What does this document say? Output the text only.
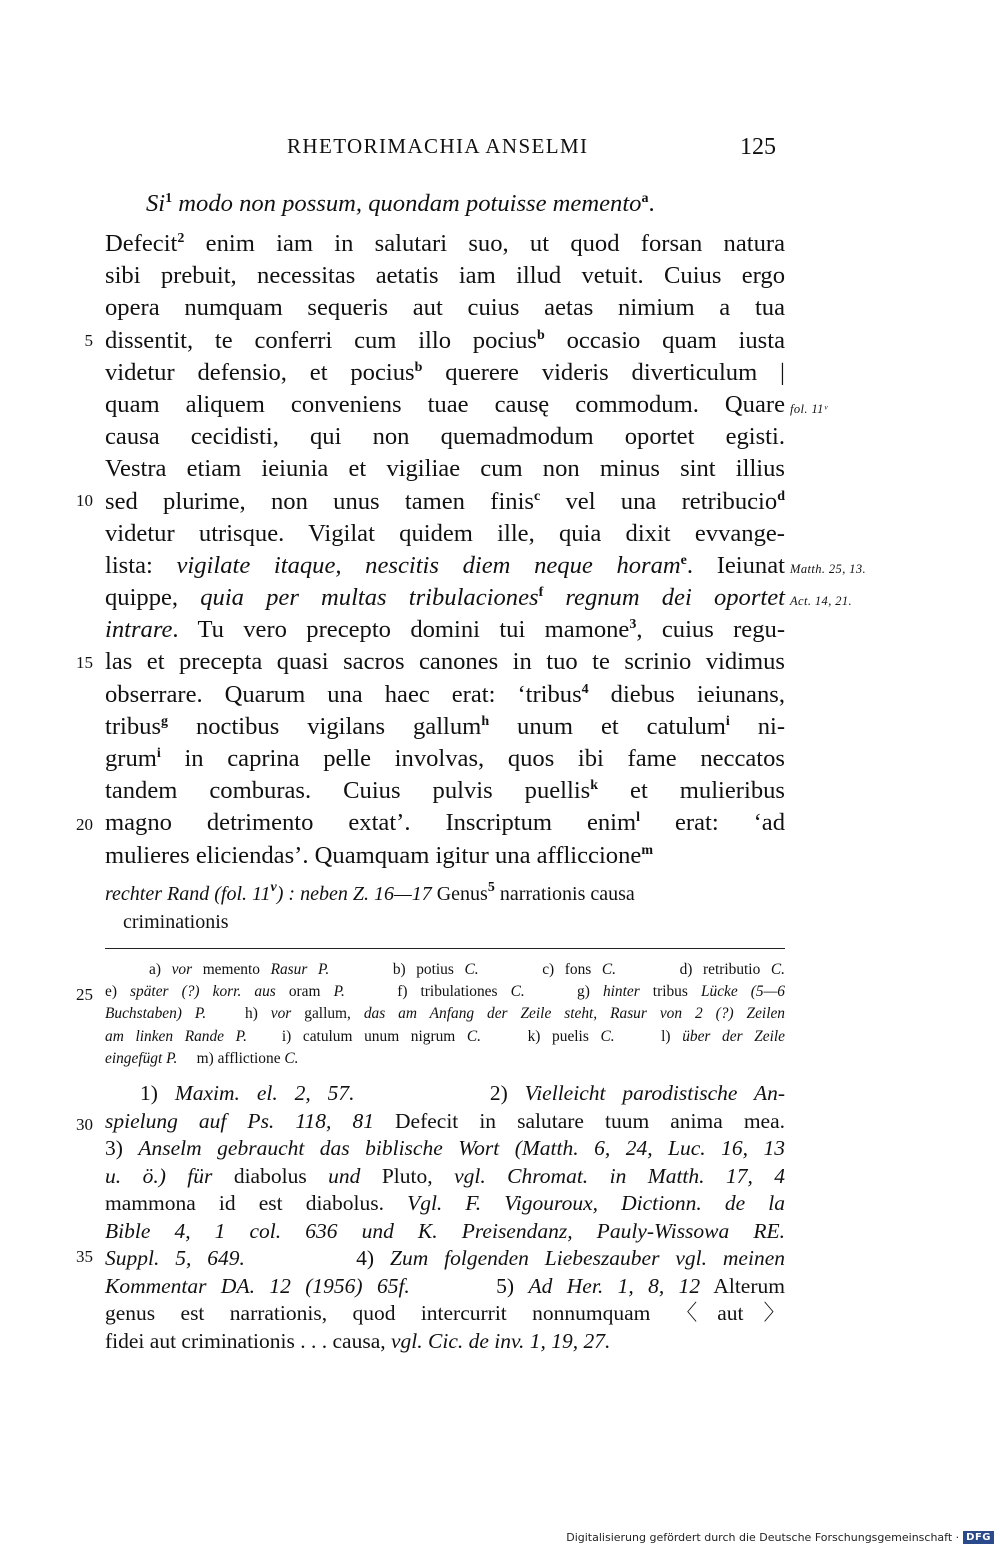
RHETORIMACHIA ANSELMI	125
Si$^1$ modo non possum, quondam potuisse memento$^a$.
Defecit$^2$ enim iam in salutari suo, ut quod forsan natura
sibi prebuit, necessitas aetatis iam illud vetuit. Cuius ergo
opera numquam sequeris aut cuius aetas nimium a tua
dissentit, te conferri cum illo pocius$^b$ occasio quam iusta
videtur defensio, et pocius$^b$ querere videris diverticulum |
quam aliquem conveniens tuae causę commodum. Quare
causa cecidisti, qui non quemadmodum oportet egisti.
Vestra etiam ieiunia et vigiliae cum non minus sint illius
sed plurime, non unus tamen finis$^c$ vel una retribucio$^d$
videtur utrisque. Vigilat quidem ille, quia dixit evvange-
lista: vigilate itaque, nescitis diem neque horam$^e$. Ieiunat
quippe, quia per multas tribulaciones$^f$ regnum dei oportet
intrare. Tu vero precepto domini tui mamone$^3$, cuius regu-
las et precepta quasi sacros canones in tuo te scrinio vidimus
obserrare. Quarum una haec erat: ‘tribus$^4$ diebus ieiunans,
tribus$^g$ noctibus vigilans gallum$^h$ unum et catulum$^i$ ni-
grum$^i$ in caprina pelle involvas, quos ibi fame neccatos
tandem comburas. Cuius pulvis puellis$^k$ et mulieribus
magno detrimento extat’. Inscriptum enim$^l$ erat: ‘ad
mulieres eliciendas’. Quamquam igitur una affliccione$^m$
5
10
15
20
25
30
35
fol. 11ᵛ
Matth. 25, 13.
Act. 14, 21.
rechter Rand (fol. 11$^v$) : neben Z. 16—17 Genus$^5$ narrationis causa
criminationis
a) vor memento Rasur P.      b) potius C.      c) fons C.      d) retributio C.
e) später (?) korr. aus oram P.    f) tribulationes C.    g) hinter tribus Lücke (5—6
Buchstaben) P.   h) vor gallum, das am Anfang der Zeile steht, Rasur von 2 (?) Zeilen
am linken Rande P.   i) catulum unum nigrum C.    k) puelis C.    l) über der Zeile
eingefügt P.     m) afflictione C.
1) Maxim. el. 2, 57.        2) Vielleicht parodistische An-
spielung auf Ps. 118, 81 Defecit in salutare tuum anima mea.
3) Anselm gebraucht das biblische Wort (Matth. 6, 24, Luc. 16, 13
u. ö.) für diabolus und Pluto, vgl. Chromat. in Matth. 17, 4
mammona id est diabolus. Vgl. F. Vigouroux, Dictionn. de la
Bible 4, 1 col. 636 und K. Preisendanz, Pauly-Wissowa RE.
Suppl. 5, 649.       4) Zum folgenden Liebeszauber vgl. meinen
Kommentar DA. 12 (1956) 65f.      5) Ad Her. 1, 8, 12 Alterum
genus est narrationis, quod intercurrit nonnumquam 〈aut〉
fidei aut criminationis . . . causa, vgl. Cic. de inv. 1, 19, 27.
Digitalisierung gefördert durch die Deutsche Forschungsgemeinschaft · DFG
